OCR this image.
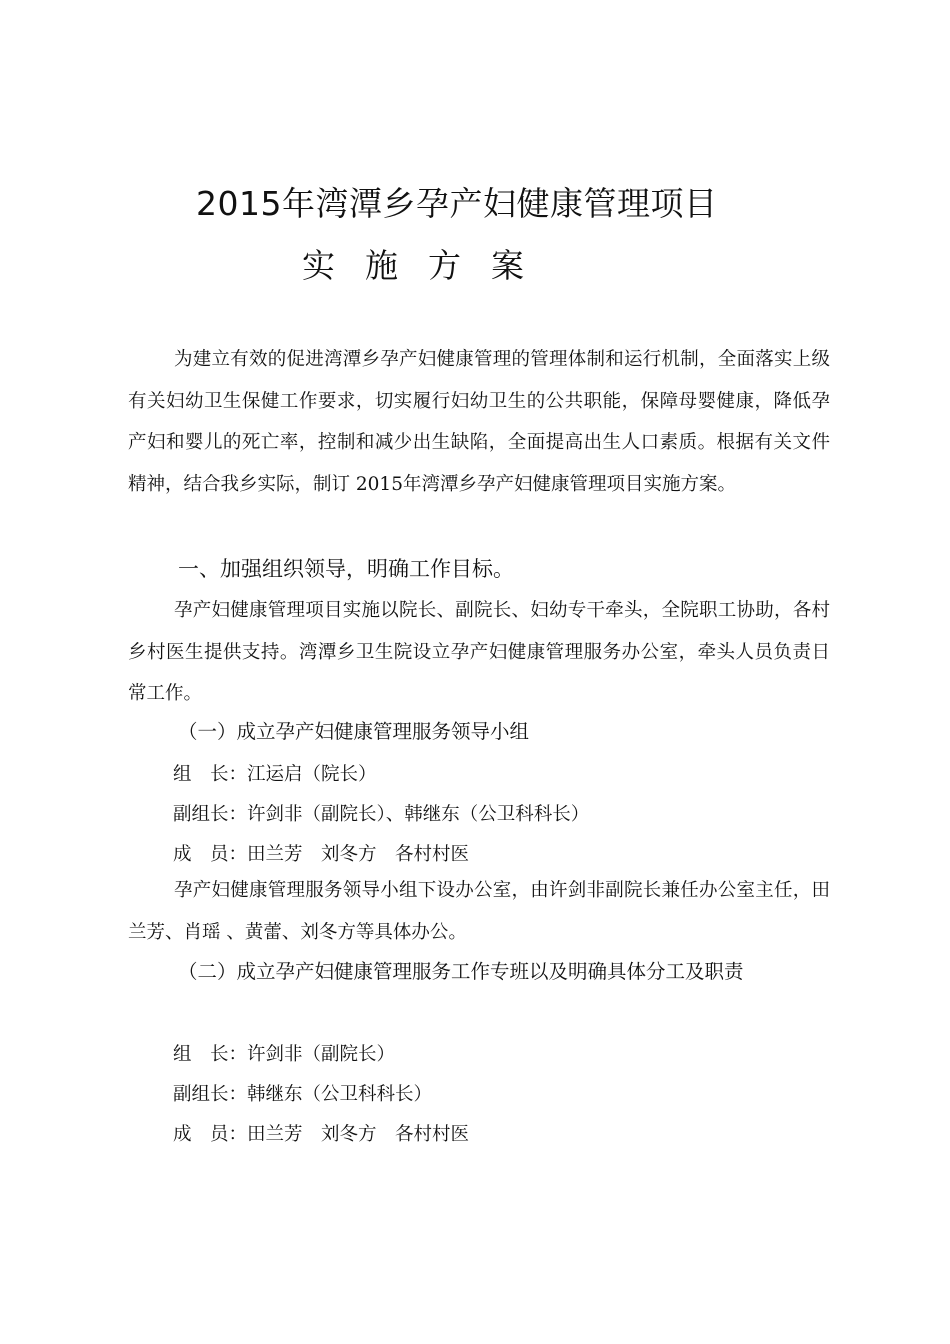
2015年湾潭乡孕产妇健康管理项目
实施方案
为建立有效的促进湾潭乡孕产妇健康管理的管理体制和运行机制，全面落实上级有关妇幼卫生保健工作要求，切实履行妇幼卫生的公共职能，保障母婴健康，降低孕产妇和婴儿的死亡率，控制和减少出生缺陷，全面提高出生人口素质。根据有关文件精神，结合我乡实际，制订 2015年湾潭乡孕产妇健康管理项目实施方案。
一、加强组织领导，明确工作目标。
孕产妇健康管理项目实施以院长、副院长、妇幼专干牵头，全院职工协助，各村乡村医生提供支持。湾潭乡卫生院设立孕产妇健康管理服务办公室，牵头人员负责日常工作。
（一）成立孕产妇健康管理服务领导小组
组　长：江运启（院长）
副组长：许剑非（副院长）、韩继东（公卫科科长）
成　员：田兰芳　刘冬方　各村村医
孕产妇健康管理服务领导小组下设办公室，由许剑非副院长兼任办公室主任，田兰芳、肖瑶 、黄蕾、刘冬方等具体办公。
（二）成立孕产妇健康管理服务工作专班以及明确具体分工及职责
组　长：许剑非（副院长）
副组长：韩继东（公卫科科长）
成　员：田兰芳　刘冬方　各村村医
